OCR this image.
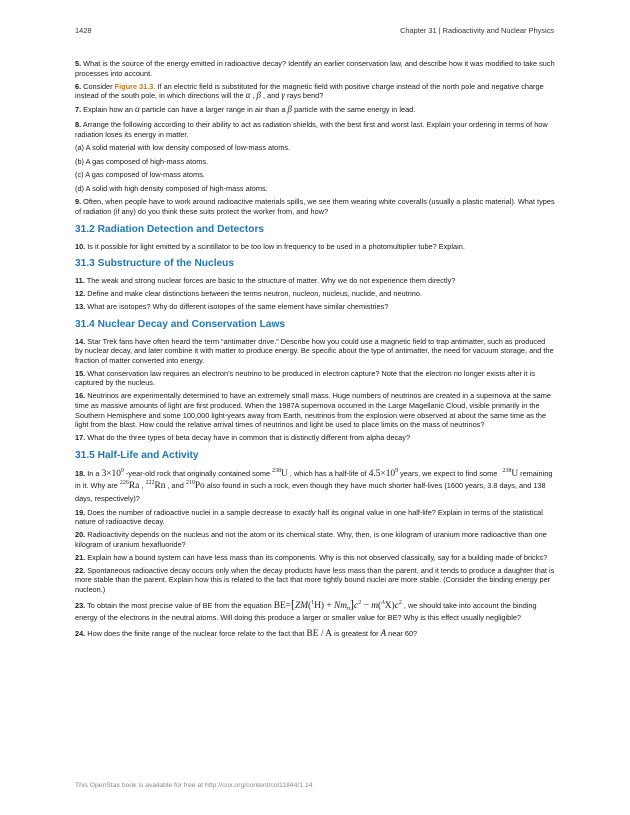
1428	Chapter 31 | Radioactivity and Nuclear Physics

5. What is the source of the energy emitted in radioactive decay? Identify an earlier conservation law, and describe how it was modified to take such processes into account.

6. Consider Figure 31.3. If an electric field is substituted for the magnetic field with positive charge instead of the north pole and negative charge instead of the south pole, in which directions will the α , β , and γ rays bend?

7. Explain how an α particle can have a larger range in air than a β particle with the same energy in lead.

8. Arrange the following according to their ability to act as radiation shields, with the best first and worst last. Explain your ordering in terms of how radiation loses its energy in matter.

(a) A solid material with low density composed of low-mass atoms.

(b) A gas composed of high-mass atoms.

(c) A gas composed of low-mass atoms.

(d) A solid with high density composed of high-mass atoms.

9. Often, when people have to work around radioactive materials spills, we see them wearing white coveralls (usually a plastic material). What types of radiation (if any) do you think these suits protect the worker from, and how?

31.2 Radiation Detection and Detectors

10. Is it possible for light emitted by a scintillator to be too low in frequency to be used in a photomultiplier tube? Explain.

31.3 Substructure of the Nucleus

11. The weak and strong nuclear forces are basic to the structure of matter. Why we do not experience them directly?

12. Define and make clear distinctions between the terms neutron, nucleon, nucleus, nuclide, and neutrino.

13. What are isotopes? Why do different isotopes of the same element have similar chemistries?

31.4 Nuclear Decay and Conservation Laws

14. Star Trek fans have often heard the term “antimatter drive.” Describe how you could use a magnetic field to trap antimatter, such as produced by nuclear decay, and later combine it with matter to produce energy. Be specific about the type of antimatter, the need for vacuum storage, and the fraction of matter converted into energy.

15. What conservation law requires an electron’s neutrino to be produced in electron capture? Note that the electron no longer exists after it is captured by the nucleus.

16. Neutrinos are experimentally determined to have an extremely small mass. Huge numbers of neutrinos are created in a supernova at the same time as massive amounts of light are first produced. When the 1987A supernova occurred in the Large Magellanic Cloud, visible primarily in the Southern Hemisphere and some 100,000 light-years away from Earth, neutrinos from the explosion were observed at about the same time as the light from the blast. How could the relative arrival times of neutrinos and light be used to place limits on the mass of neutrinos?

17. What do the three types of beta decay have in common that is distinctly different from alpha decay?

31.5 Half-Life and Activity

18. In a $3\times 10^9$ -year-old rock that originally contained some $^{238}$U , which has a half-life of $4.5\times 10^9$ years, we expect to find some $^{238}$U remaining in it. Why are $^{226}$Ra , $^{222}$Rn , and $^{210}$Po also found in such a rock, even though they have much shorter half-lives (1600 years, 3.8 days, and 138 days, respectively)?

19. Does the number of radioactive nuclei in a sample decrease to exactly half its original value in one half-life? Explain in terms of the statistical nature of radioactive decay.

20. Radioactivity depends on the nucleus and not the atom or its chemical state. Why, then, is one kilogram of uranium more radioactive than one kilogram of uranium hexafluoride?

21. Explain how a bound system can have less mass than its components. Why is this not observed classically, say for a building made of bricks?

22. Spontaneous radioactive decay occurs only when the decay products have less mass than the parent, and it tends to produce a daughter that is more stable than the parent. Explain how this is related to the fact that more tightly bound nuclei are more stable. (Consider the binding energy per nucleon.)

23. To obtain the most precise value of BE from the equation $BE=[ZM(^1H) + Nm_n]c^2 - m(^AX)c^2$ , we should take into account the binding energy of the electrons in the neutral atoms. Will doing this produce a larger or smaller value for BE? Why is this effect usually negligible?

24. How does the finite range of the nuclear force relate to the fact that BE / A is greatest for A near 60?

This OpenStax book is available for free at http://cnx.org/content/col11844/1.14
